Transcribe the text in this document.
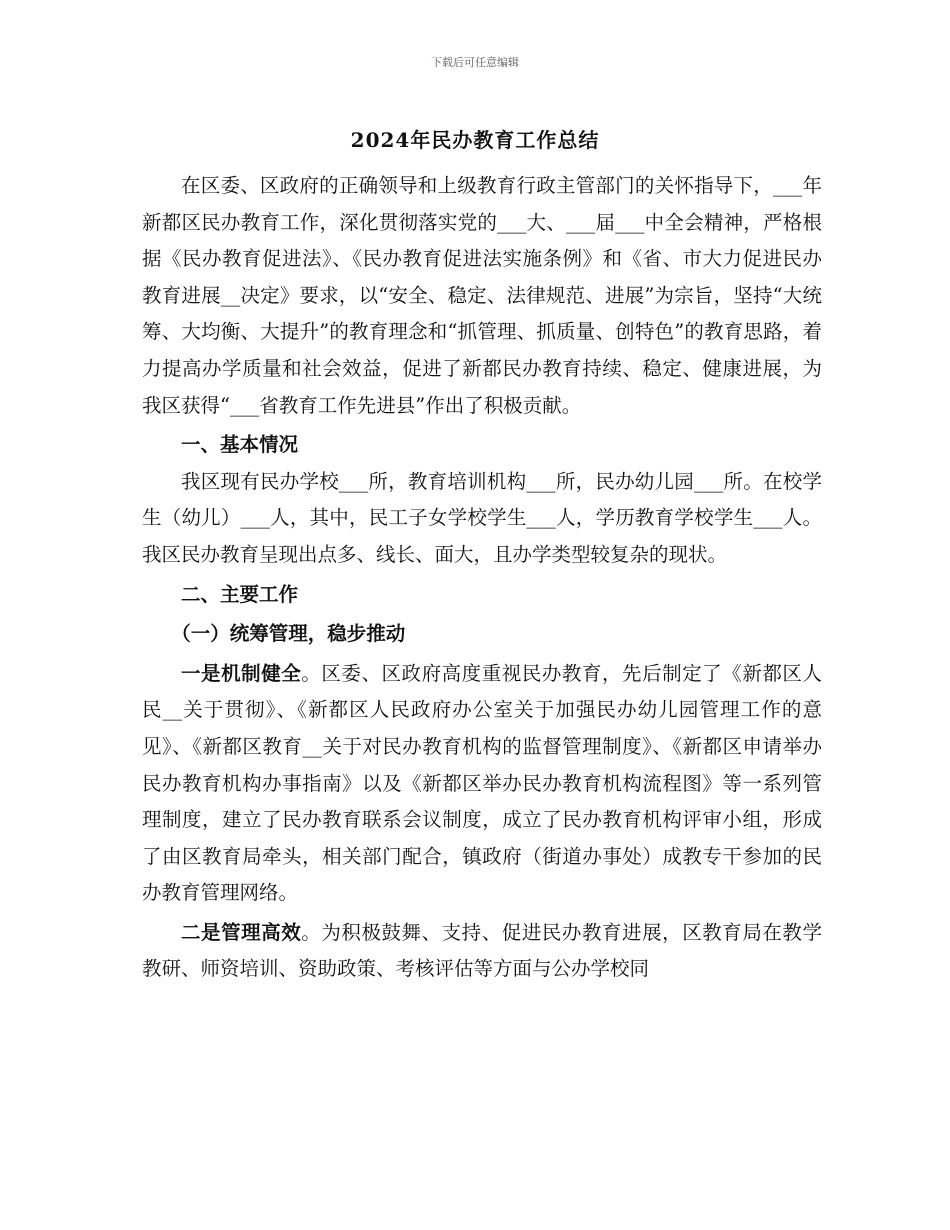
下载后可任意编辑
2024年民办教育工作总结

在区委、区政府的正确领导和上级教育行政主管部门的关怀指导下，___年新都区民办教育工作，深化贯彻落实党的___大、___届___中全会精神，严格根据《民办教育促进法》、《民办教育促进法实施条例》和《省、市大力促进民办教育进展__决定》要求，以“安全、稳定、法律规范、进展”为宗旨，坚持“大统筹、大均衡、大提升”的教育理念和“抓管理、抓质量、创特色”的教育思路，着力提高办学质量和社会效益，促进了新都民办教育持续、稳定、健康进展，为我区获得“___省教育工作先进县”作出了积极贡献。

一、基本情况

我区现有民办学校___所，教育培训机构___所，民办幼儿园___所。在校学生（幼儿）___人，其中，民工子女学校学生___人，学历教育学校学生___人。我区民办教育呈现出点多、线长、面大，且办学类型较复杂的现状。

二、主要工作

（一）统筹管理，稳步推动

一是机制健全。区委、区政府高度重视民办教育，先后制定了《新都区人民__关于贯彻》、《新都区人民政府办公室关于加强民办幼儿园管理工作的意见》、《新都区教育__关于对民办教育机构的监督管理制度》、《新都区申请举办民办教育机构办事指南》以及《新都区举办民办教育机构流程图》等一系列管理制度，建立了民办教育联系会议制度，成立了民办教育机构评审小组，形成了由区教育局牵头，相关部门配合，镇政府（街道办事处）成教专干参加的民办教育管理网络。

二是管理高效。为积极鼓舞、支持、促进民办教育进展，区教育局在教学教研、师资培训、资助政策、考核评估等方面与公办学校同
